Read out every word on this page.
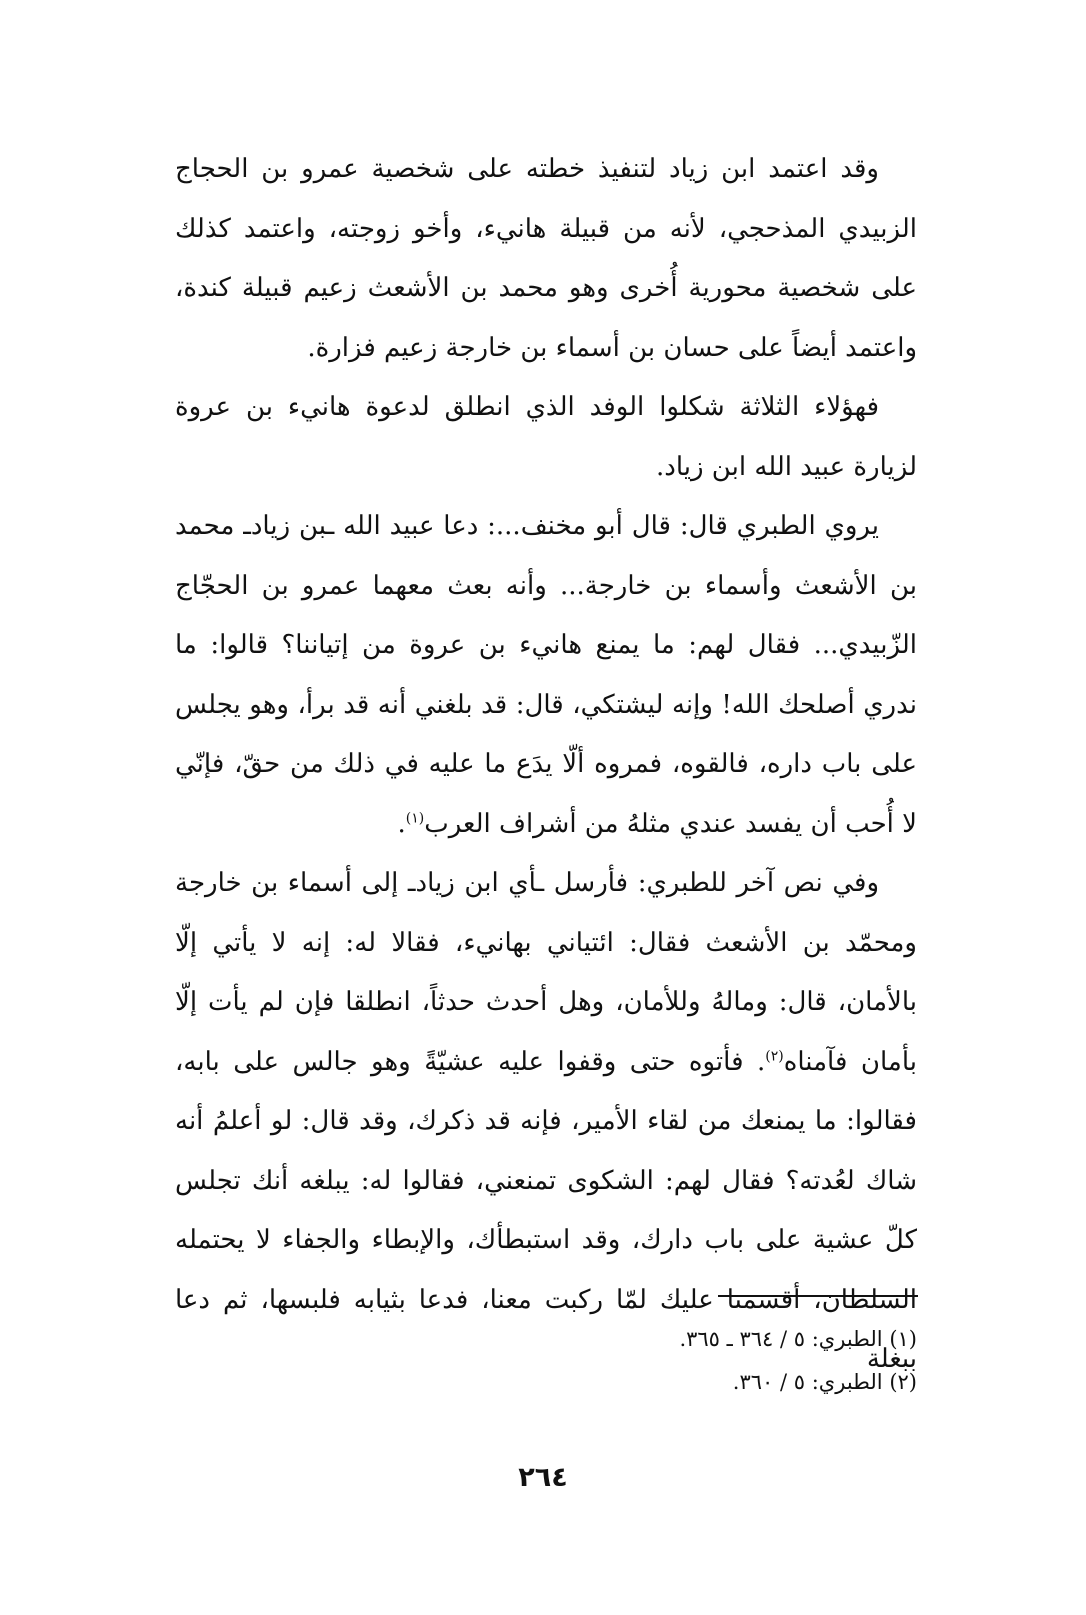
وقد اعتمد ابن زياد لتنفيذ خطته على شخصية عمرو بن الحجاج الزبيدي المذحجي، لأنه من قبيلة هانيء، وأخو زوجته، واعتمد كذلك على شخصية محورية أُخرى وهو محمد بن الأشعث زعيم قبيلة كندة، واعتمد أيضاً على حسان بن أسماء بن خارجة زعيم فزارة.

فهؤلاء الثلاثة شكلوا الوفد الذي انطلق لدعوة هانيء بن عروة لزيارة عبيد الله ابن زياد.

يروي الطبري قال: قال أبو مخنف...: دعا عبيد الله ـبن زيادـ محمد بن الأشعث وأسماء بن خارجة... وأنه بعث معهما عمرو بن الحجّاج الزّبيدي... فقال لهم: ما يمنع هانيء بن عروة من إتياننا؟ قالوا: ما ندري أصلحك الله! وإنه ليشتكي، قال: قد بلغني أنه قد برأ، وهو يجلس على باب داره، فالقوه، فمروه ألّا يدَع ما عليه في ذلك من حقّ، فإنّي لا أُحب أن يفسد عندي مثلهُ من أشراف العرب$^{(١)}$.

وفي نص آخر للطبري: فأرسل ـأي ابن زيادـ إلى أسماء بن خارجة ومحمّد بن الأشعث فقال: ائتياني بهانيء، فقالا له: إنه لا يأتي إلّا بالأمان، قال: ومالهُ وللأمان، وهل أحدث حدثاً، انطلقا فإن لم يأت إلّا بأمان فآمناه$^{(٢)}$. فأتوه حتى وقفوا عليه عشيّةً وهو جالس على بابه، فقالوا: ما يمنعك من لقاء الأمير، فإنه قد ذكرك، وقد قال: لو أعلمُ أنه شاك لعُدته؟ فقال لهم: الشكوى تمنعني، فقالوا له: يبلغه أنك تجلس كلّ عشية على باب دارك، وقد استبطأك، والإبطاء والجفاء لا يحتمله السلطان، أقسمنا عليك لمّا ركبت معنا، فدعا بثيابه فلبسها، ثم دعا ببغلة

(١) الطبري: ٥ / ٣٦٤ ـ ٣٦٥.

(٢) الطبري: ٥ / ٣٦٠.

٢٦٤
